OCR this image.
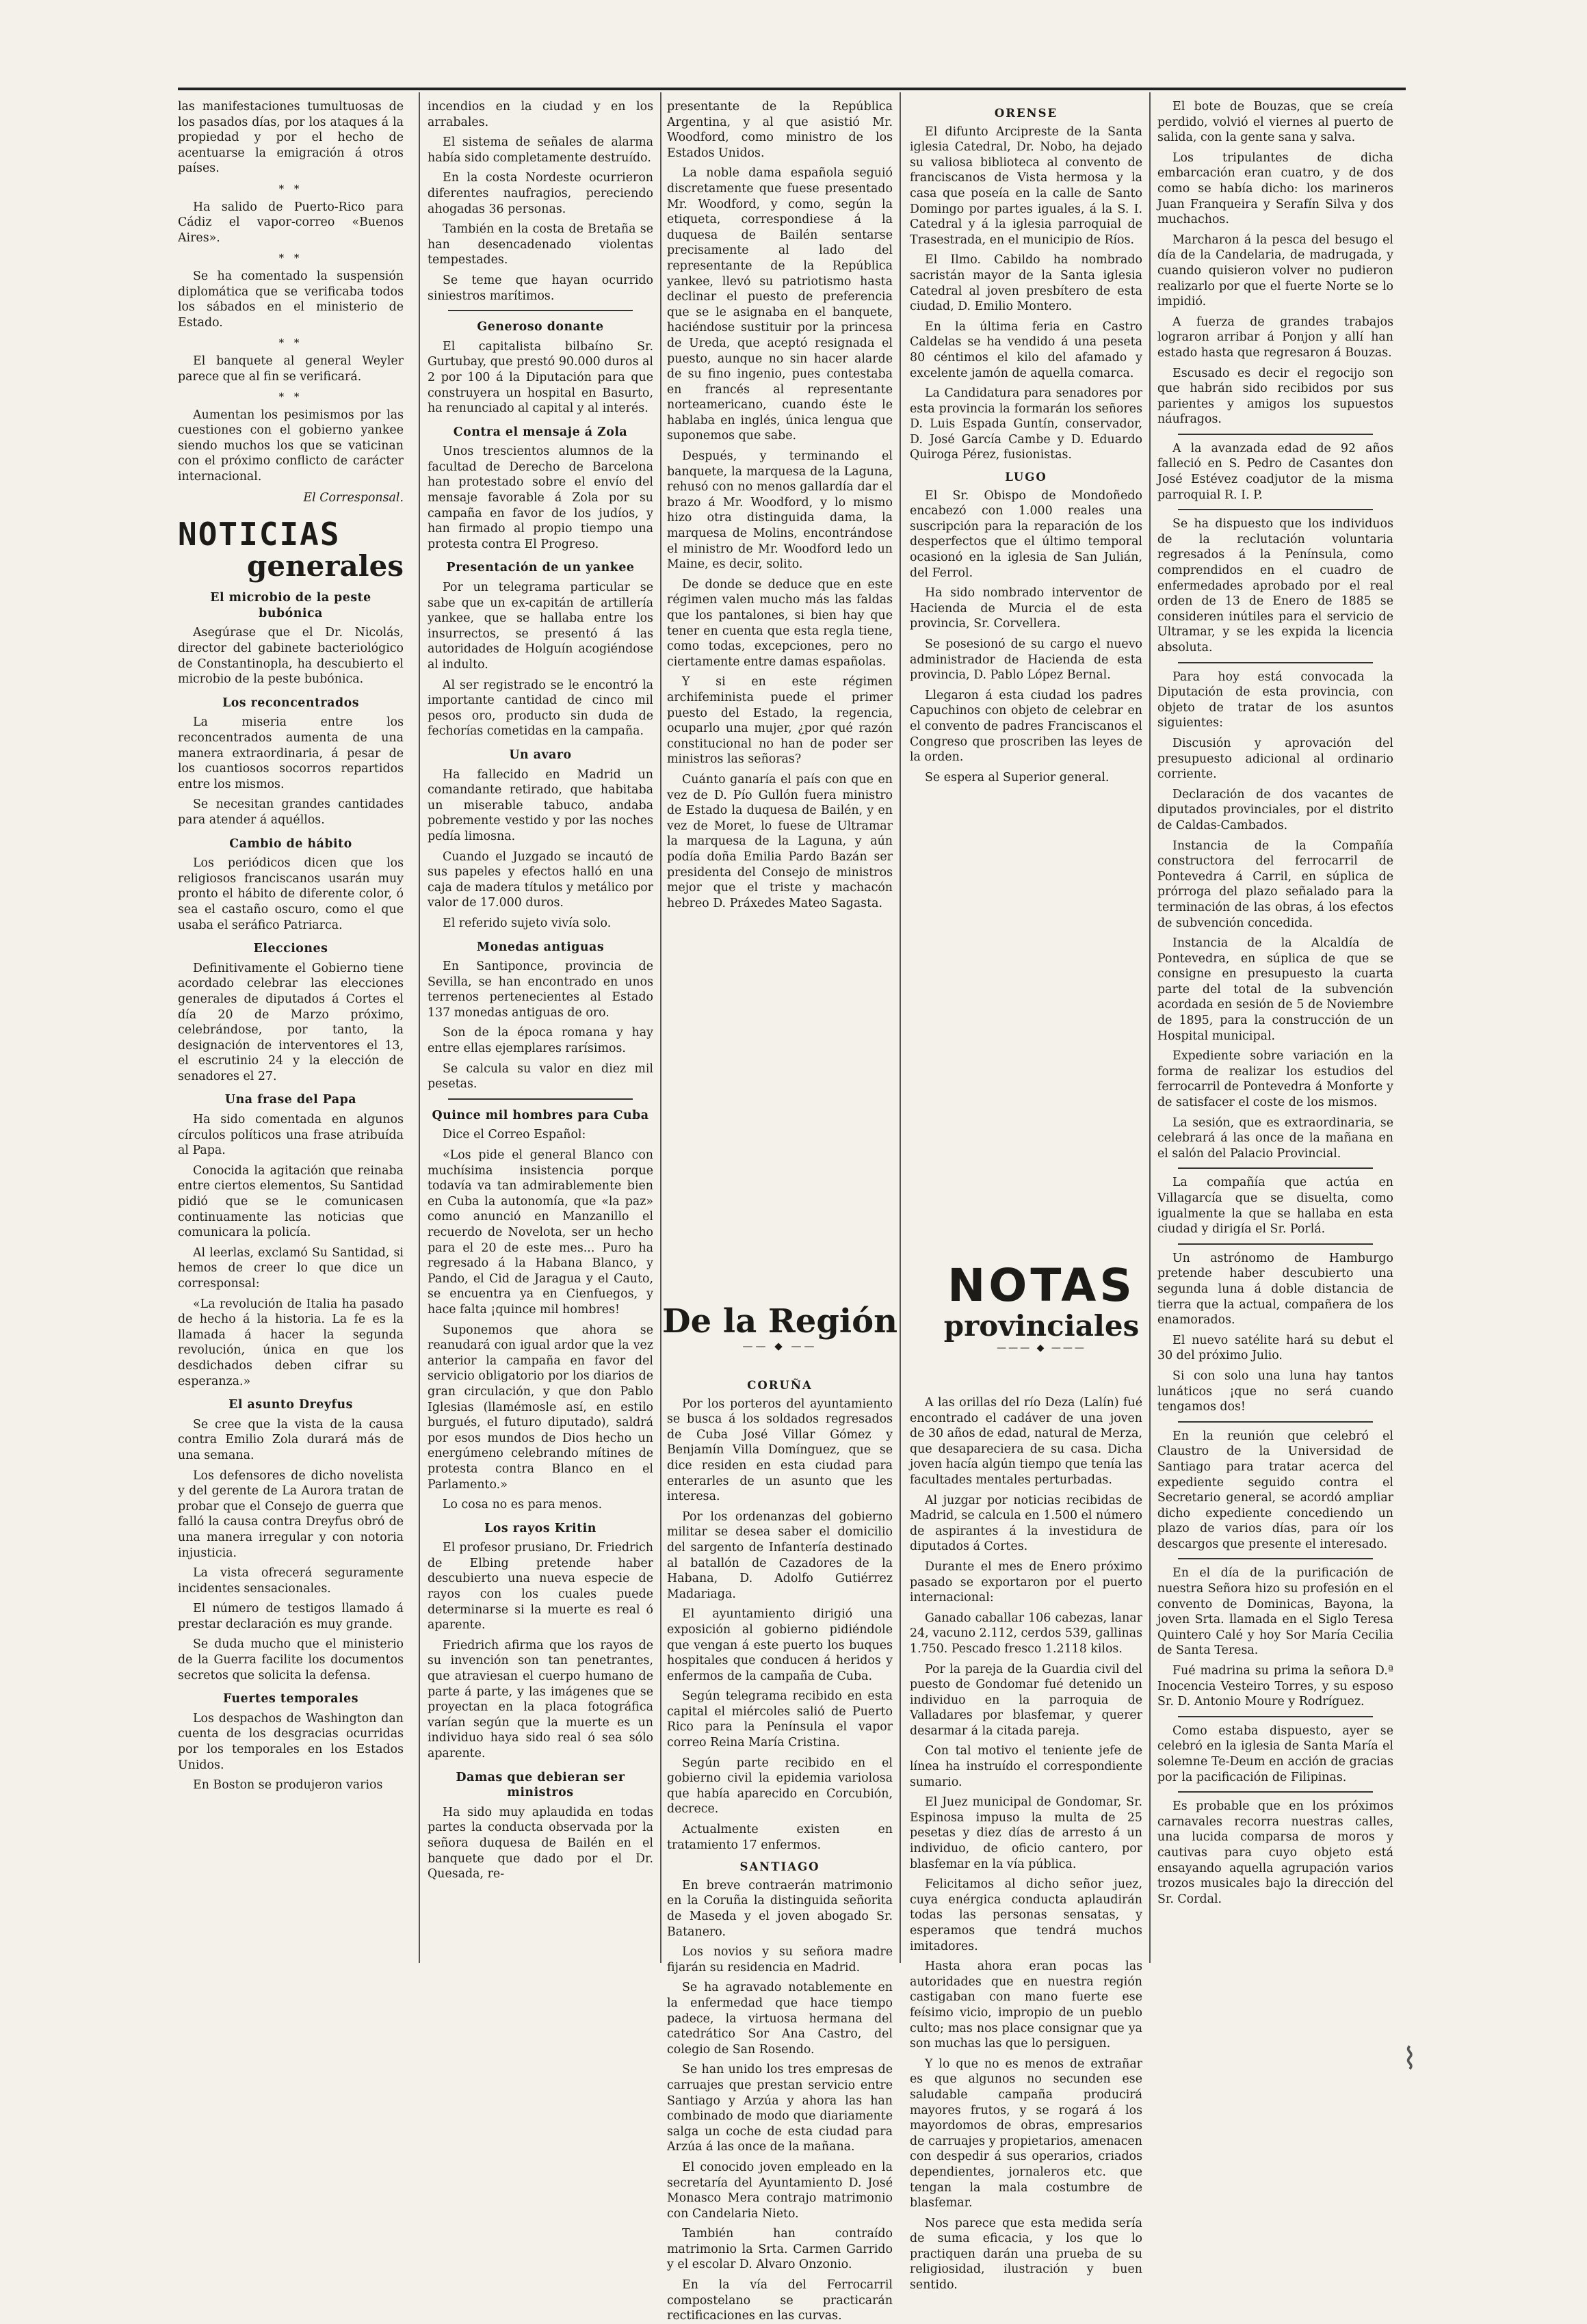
las manifestaciones tumultuosas de los pasados días, por los ataques á la propiedad y por el hecho de acentuarse la emigración á otros países.

* *

Ha salido de Puerto-Rico para Cádiz el vapor-correo «Buenos Aires».

* *

Se ha comentado la suspensión diplomática que se verificaba todos los sábados en el ministerio de Estado.

* *

El banquete al general Weyler parece que al fin se verificará.

* *

Aumentan los pesimismos por las cuestiones con el gobierno yankee siendo muchos los que se vaticinan con el próximo conflicto de carácter internacional.

El Corresponsal.
NOTICIAS
generales
El microbio de la peste bubónica

Asegúrase que el Dr. Nicolás, director del gabinete bacteriológico de Constantinopla, ha descubierto el microbio de la peste bubónica.

Los reconcentrados

La miseria entre los reconcentrados aumenta de una manera extraordinaria, á pesar de los cuantiosos socorros repartidos entre los mismos.

Se necesitan grandes cantidades para atender á aquéllos.

Cambio de hábito

Los periódicos dicen que los religiosos franciscanos usarán muy pronto el hábito de diferente color, ó sea el castaño oscuro, como el que usaba el seráfico Patriarca.

Elecciones

Definitivamente el Gobierno tiene acordado celebrar las elecciones generales de diputados á Cortes el día 20 de Marzo próximo, celebrándose, por tanto, la designación de interventores el 13, el escrutinio 24 y la elección de senadores el 27.

Una frase del Papa

Ha sido comentada en algunos círculos políticos una frase atribuída al Papa.

Conocida la agitación que reinaba entre ciertos elementos, Su Santidad pidió que se le comunicasen continuamente las noticias que comunicara la policía.

Al leerlas, exclamó Su Santidad, si hemos de creer lo que dice un corresponsal:

«La revolución de Italia ha pasado de hecho á la historia. La fe es la llamada á hacer la segunda revolución, única en que los desdichados deben cifrar su esperanza.»

El asunto Dreyfus

Se cree que la vista de la causa contra Emilio Zola durará más de una semana.

Los defensores de dicho novelista y del gerente de La Aurora tratan de probar que el Consejo de guerra que falló la causa contra Dreyfus obró de una manera irregular y con notoria injusticia.

La vista ofrecerá seguramente incidentes sensacionales.

El número de testigos llamado á prestar declaración es muy grande.

Se duda mucho que el ministerio de la Guerra facilite los documentos secretos que solicita la defensa.

Fuertes temporales

Los despachos de Washington dan cuenta de los desgracias ocurridas por los temporales en los Estados Unidos.

En Boston se produjeron varios

incendios en la ciudad y en los arrabales.

El sistema de señales de alarma había sido completamente destruído.

En la costa Nordeste ocurrieron diferentes naufragios, pereciendo ahogadas 36 personas.

También en la costa de Bretaña se han desencadenado violentas tempestades.

Se teme que hayan ocurrido siniestros marítimos.

Generoso donante

El capitalista bilbaíno Sr. Gurtubay, que prestó 90.000 duros al 2 por 100 á la Diputación para que construyera un hospital en Basurto, ha renunciado al capital y al interés.

Contra el mensaje á Zola

Unos trescientos alumnos de la facultad de Derecho de Barcelona han protestado sobre el envío del mensaje favorable á Zola por su campaña en favor de los judíos, y han firmado al propio tiempo una protesta contra El Progreso.

Presentación de un yankee

Por un telegrama particular se sabe que un ex-capitán de artillería yankee, que se hallaba entre los insurrectos, se presentó á las autoridades de Holguín acogiéndose al indulto.

Al ser registrado se le encontró la importante cantidad de cinco mil pesos oro, producto sin duda de fechorías cometidas en la campaña.

Un avaro

Ha fallecido en Madrid un comandante retirado, que habitaba un miserable tabuco, andaba pobremente vestido y por las noches pedía limosna.

Cuando el Juzgado se incautó de sus papeles y efectos halló en una caja de madera títulos y metálico por valor de 17.000 duros.

El referido sujeto vivía solo.

Monedas antiguas

En Santiponce, provincia de Sevilla, se han encontrado en unos terrenos pertenecientes al Estado 137 monedas antiguas de oro.

Son de la época romana y hay entre ellas ejemplares rarísimos.

Se calcula su valor en diez mil pesetas.

Quince mil hombres para Cuba

Dice el Correo Español:

«Los pide el general Blanco con muchísima insistencia porque todavía va tan admirablemente bien en Cuba la autonomía, que «la paz» como anunció en Manzanillo el recuerdo de Novelota, ser un hecho para el 20 de este mes... Puro ha regresado á la Habana Blanco, y Pando, el Cid de Jaragua y el Cauto, se encuentra ya en Cienfuegos, y hace falta ¡quince mil hombres!

Suponemos que ahora se reanudará con igual ardor que la vez anterior la campaña en favor del servicio obligatorio por los diarios de gran circulación, y que don Pablo Iglesias (llamémosle así, en estilo burgués, el futuro diputado), saldrá por esos mundos de Dios hecho un energúmeno celebrando mítines de protesta contra Blanco en el Parlamento.»

Lo cosa no es para menos.

Los rayos Kritin

El profesor prusiano, Dr. Friedrich de Elbing pretende haber descubierto una nueva especie de rayos con los cuales puede determinarse si la muerte es real ó aparente.

Friedrich afirma que los rayos de su invención son tan penetrantes, que atraviesan el cuerpo humano de parte á parte, y las imágenes que se proyectan en la placa fotográfica varían según que la muerte es un individuo haya sido real ó sea sólo aparente.

Damas que debieran ser ministros

Ha sido muy aplaudida en todas partes la conducta observada por la señora duquesa de Bailén en el banquete que dado por el Dr. Quesada, re-

presentante de la República Argentina, y al que asistió Mr. Woodford, como ministro de los Estados Unidos.

La noble dama española seguió discretamente que fuese presentado Mr. Woodford, y como, según la etiqueta, correspondiese á la duquesa de Bailén sentarse precisamente al lado del representante de la República yankee, llevó su patriotismo hasta declinar el puesto de preferencia que se le asignaba en el banquete, haciéndose sustituir por la princesa de Ureda, que aceptó resignada el puesto, aunque no sin hacer alarde de su fino ingenio, pues contestaba en francés al representante norteamericano, cuando éste le hablaba en inglés, única lengua que suponemos que sabe.

Después, y terminando el banquete, la marquesa de la Laguna, rehusó con no menos gallardía dar el brazo á Mr. Woodford, y lo mismo hizo otra distinguida dama, la marquesa de Molins, encontrándose el ministro de Mr. Woodford ledo un Maine, es decir, solito.

De donde se deduce que en este régimen valen mucho más las faldas que los pantalones, si bien hay que tener en cuenta que esta regla tiene, como todas, excepciones, pero no ciertamente entre damas españolas.

Y si en este régimen archifeminista puede el primer puesto del Estado, la regencia, ocuparlo una mujer, ¿por qué razón constitucional no han de poder ser ministros las señoras?

Cuánto ganaría el país con que en vez de D. Pío Gullón fuera ministro de Estado la duquesa de Bailén, y en vez de Moret, lo fuese de Ultramar la marquesa de la Laguna, y aún podía doña Emilia Pardo Bazán ser presidenta del Consejo de ministros mejor que el triste y machacón hebreo D. Práxedes Mateo Sagasta.

De la Región
—— ◆ ——
CORUÑA

Por los porteros del ayuntamiento se busca á los soldados regresados de Cuba José Villar Gómez y Benjamín Villa Domínguez, que se dice residen en esta ciudad para enterarles de un asunto que les interesa.

Por los ordenanzas del gobierno militar se desea saber el domicilio del sargento de Infantería destinado al batallón de Cazadores de la Habana, D. Adolfo Gutiérrez Madariaga.

El ayuntamiento dirigió una exposición al gobierno pidiéndole que vengan á este puerto los buques hospitales que conducen á heridos y enfermos de la campaña de Cuba.

Según telegrama recibido en esta capital el miércoles salió de Puerto Rico para la Península el vapor correo Reina María Cristina.

Según parte recibido en el gobierno civil la epidemia variolosa que había aparecido en Corcubión, decrece.

Actualmente existen en tratamiento 17 enfermos.

SANTIAGO

En breve contraerán matrimonio en la Coruña la distinguida señorita de Maseda y el joven abogado Sr. Batanero.

Los novios y su señora madre fijarán su residencia en Madrid.

Se ha agravado notablemente en la enfermedad que hace tiempo padece, la virtuosa hermana del catedrático Sor Ana Castro, del colegio de San Rosendo.

Se han unido los tres empresas de carruajes que prestan servicio entre Santiago y Arzúa y ahora las han combinado de modo que diariamente salga un coche de esta ciudad para Arzúa á las once de la mañana.

El conocido joven empleado en la secretaría del Ayuntamiento D. José Monasco Mera contrajo matrimonio con Candelaria Nieto.

También han contraído matrimonio la Srta. Carmen Garrido y el escolar D. Alvaro Onzonio.

En la vía del Ferrocarril compostelano se practicarán rectificaciones en las curvas.

ORENSE

El difunto Arcipreste de la Santa iglesia Catedral, Dr. Nobo, ha dejado su valiosa biblioteca al convento de franciscanos de Vista hermosa y la casa que poseía en la calle de Santo Domingo por partes iguales, á la S. I. Catedral y á la iglesia parroquial de Trasestrada, en el municipio de Ríos.

El Ilmo. Cabildo ha nombrado sacristán mayor de la Santa iglesia Catedral al joven presbítero de esta ciudad, D. Emilio Montero.

En la última feria en Castro Caldelas se ha vendido á una peseta 80 céntimos el kilo del afamado y excelente jamón de aquella comarca.

La Candidatura para senadores por esta provincia la formarán los señores D. Luis Espada Guntín, conservador, D. José García Cambe y D. Eduardo Quiroga Pérez, fusionistas.

LUGO

El Sr. Obispo de Mondoñedo encabezó con 1.000 reales una suscripción para la reparación de los desperfectos que el último temporal ocasionó en la iglesia de San Julián, del Ferrol.

Ha sido nombrado interventor de Hacienda de Murcia el de esta provincia, Sr. Corvellera.

Se posesionó de su cargo el nuevo administrador de Hacienda de esta provincia, D. Pablo López Bernal.

Llegaron á esta ciudad los padres Capuchinos con objeto de celebrar en el convento de padres Franciscanos el Congreso que proscriben las leyes de la orden.

Se espera al Superior general.

NOTAS
provinciales
——— ◆ ———

A las orillas del río Deza (Lalín) fué encontrado el cadáver de una joven de 30 años de edad, natural de Merza, que desapareciera de su casa. Dicha joven hacía algún tiempo que tenía las facultades mentales perturbadas.

Al juzgar por noticias recibidas de Madrid, se calcula en 1.500 el número de aspirantes á la investidura de diputados á Cortes.

Durante el mes de Enero próximo pasado se exportaron por el puerto internacional:

Ganado caballar 106 cabezas, lanar 24, vacuno 2.112, cerdos 539, gallinas 1.750. Pescado fresco 1.2118 kilos.

Por la pareja de la Guardia civil del puesto de Gondomar fué detenido un individuo en la parroquia de Valladares por blasfemar, y querer desarmar á la citada pareja.

Con tal motivo el teniente jefe de línea ha instruído el correspondiente sumario.

El Juez municipal de Gondomar, Sr. Espinosa impuso la multa de 25 pesetas y diez días de arresto á un individuo, de oficio cantero, por blasfemar en la vía pública.

Felicitamos al dicho señor juez, cuya enérgica conducta aplaudirán todas las personas sensatas, y esperamos que tendrá muchos imitadores.

Hasta ahora eran pocas las autoridades que en nuestra región castigaban con mano fuerte ese feísimo vicio, impropio de un pueblo culto; mas nos place consignar que ya son muchas las que lo persiguen.

Y lo que no es menos de extrañar es que algunos no secunden ese saludable campaña producirá mayores frutos, y se rogará á los mayordomos de obras, empresarios de carruajes y propietarios, amenacen con despedir á sus operarios, criados dependientes, jornaleros etc. que tengan la mala costumbre de blasfemar.

Nos parece que esta medida sería de suma eficacia, y los que lo practiquen darán una prueba de su religiosidad, ilustración y buen sentido.

El bote de Bouzas, que se creía perdido, volvió el viernes al puerto de salida, con la gente sana y salva.

Los tripulantes de dicha embarcación eran cuatro, y de dos como se había dicho: los marineros Juan Franqueira y Serafín Silva y dos muchachos.

Marcharon á la pesca del besugo el día de la Candelaria, de madrugada, y cuando quisieron volver no pudieron realizarlo por que el fuerte Norte se lo impidió.

A fuerza de grandes trabajos lograron arribar á Ponjon y allí han estado hasta que regresaron á Bouzas.

Escusado es decir el regocijo son que habrán sido recibidos por sus parientes y amigos los supuestos náufragos.

A la avanzada edad de 92 años falleció en S. Pedro de Casantes don José Estévez coadjutor de la misma parroquial R. I. P.

Se ha dispuesto que los individuos de la reclutación voluntaria regresados á la Península, como comprendidos en el cuadro de enfermedades aprobado por el real orden de 13 de Enero de 1885 se consideren inútiles para el servicio de Ultramar, y se les expida la licencia absoluta.

Para hoy está convocada la Diputación de esta provincia, con objeto de tratar de los asuntos siguientes:

Discusión y aprovación del presupuesto adicional al ordinario corriente.

Declaración de dos vacantes de diputados provinciales, por el distrito de Caldas-Cambados.

Instancia de la Compañía constructora del ferrocarril de Pontevedra á Carril, en súplica de prórroga del plazo señalado para la terminación de las obras, á los efectos de subvención concedida.

Instancia de la Alcaldía de Pontevedra, en súplica de que se consigne en presupuesto la cuarta parte del total de la subvención acordada en sesión de 5 de Noviembre de 1895, para la construcción de un Hospital municipal.

Expediente sobre variación en la forma de realizar los estudios del ferrocarril de Pontevedra á Monforte y de satisfacer el coste de los mismos.

La sesión, que es extraordinaria, se celebrará á las once de la mañana en el salón del Palacio Provincial.

La compañía que actúa en Villagarcía que se disuelta, como igualmente la que se hallaba en esta ciudad y dirigía el Sr. Porlá.

Un astrónomo de Hamburgo pretende haber descubierto una segunda luna á doble distancia de tierra que la actual, compañera de los enamorados.

El nuevo satélite hará su debut el 30 del próximo Julio.

Si con solo una luna hay tantos lunáticos ¡que no será cuando tengamos dos!

En la reunión que celebró el Claustro de la Universidad de Santiago para tratar acerca del expediente seguido contra el Secretario general, se acordó ampliar dicho expediente concediendo un plazo de varios días, para oír los descargos que presente el interesado.

En el día de la purificación de nuestra Señora hizo su profesión en el convento de Dominicas, Bayona, la joven Srta. llamada en el Siglo Teresa Quintero Calé y hoy Sor María Cecilia de Santa Teresa.

Fué madrina su prima la señora D.ª Inocencia Vesteiro Torres, y su esposo Sr. D. Antonio Moure y Rodríguez.

Como estaba dispuesto, ayer se celebró en la iglesia de Santa María el solemne Te-Deum en acción de gracias por la pacificación de Filipinas.

Es probable que en los próximos carnavales recorra nuestras calles, una lucida comparsa de moros y cautivas para cuyo objeto está ensayando aquella agrupación varios trozos musicales bajo la dirección del Sr. Cordal.

⌇
